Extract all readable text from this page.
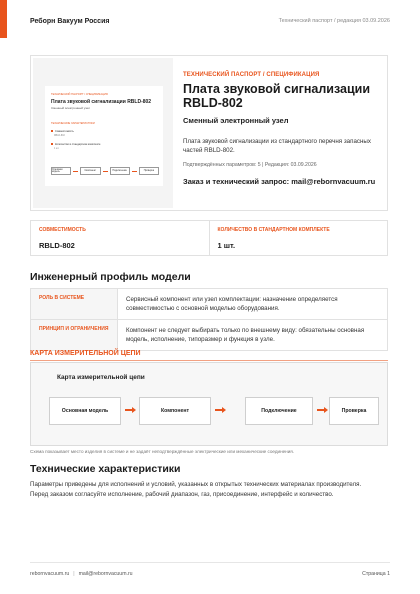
Реборн Вакуум Россия	Технический паспорт / редакция 03.09.2026
ТЕХНИЧЕСКИЙ ПАСПОРТ / СПЕЦИФИКАЦИЯ
Плата звуковой сигнализации RBLD-802
Сменный электронный узел
ТЕХНИЧЕСКИЕ ХАРАКТЕРИСТИКИ
Совместимость
RBLD-802
Количество в стандартном комплекте
1 шт.
Основная модель	Компонент	Подключение	Проверка
ТЕХНИЧЕСКИЙ ПАСПОРТ / СПЕЦИФИКАЦИЯ
Плата звуковой сигнализации RBLD-802
Сменный электронный узел
Плата звуковой сигнализации из стандартного перечня запасных частей RBLD-802.
Подтверждённых параметров: 5 | Редакция: 03.09.2026
Заказ и технический запрос: mail@rebornvacuum.ru
СОВМЕСТИМОСТЬ
RBLD-802
КОЛИЧЕСТВО В СТАНДАРТНОМ КОМПЛЕКТЕ
1 шт.
Инженерный профиль модели
РОЛЬ В СИСТЕМЕ	Сервисный компонент или узел комплектации: назначение определяется совместимостью с основной моделью оборудования.
ПРИНЦИП И ОГРАНИЧЕНИЯ	Компонент не следует выбирать только по внешнему виду: обязательны основная модель, исполнение, типоразмер и функция в узле.
КАРТА ИЗМЕРИТЕЛЬНОЙ ЦЕПИ
Карта измерительной цепи
Основная модель	Компонент	Подключение	Проверка
Схема показывает место изделия в системе и не задаёт неподтверждённые электрические или механические соединения.
Технические характеристики
Параметры приведены для исполнений и условий, указанных в открытых технических материалах производителя. Перед заказом согласуйте исполнение, рабочий диапазон, газ, присоединение, интерфейс и количество.
rebornvacuum.ru | mail@rebornvacuum.ru	Страница 1
